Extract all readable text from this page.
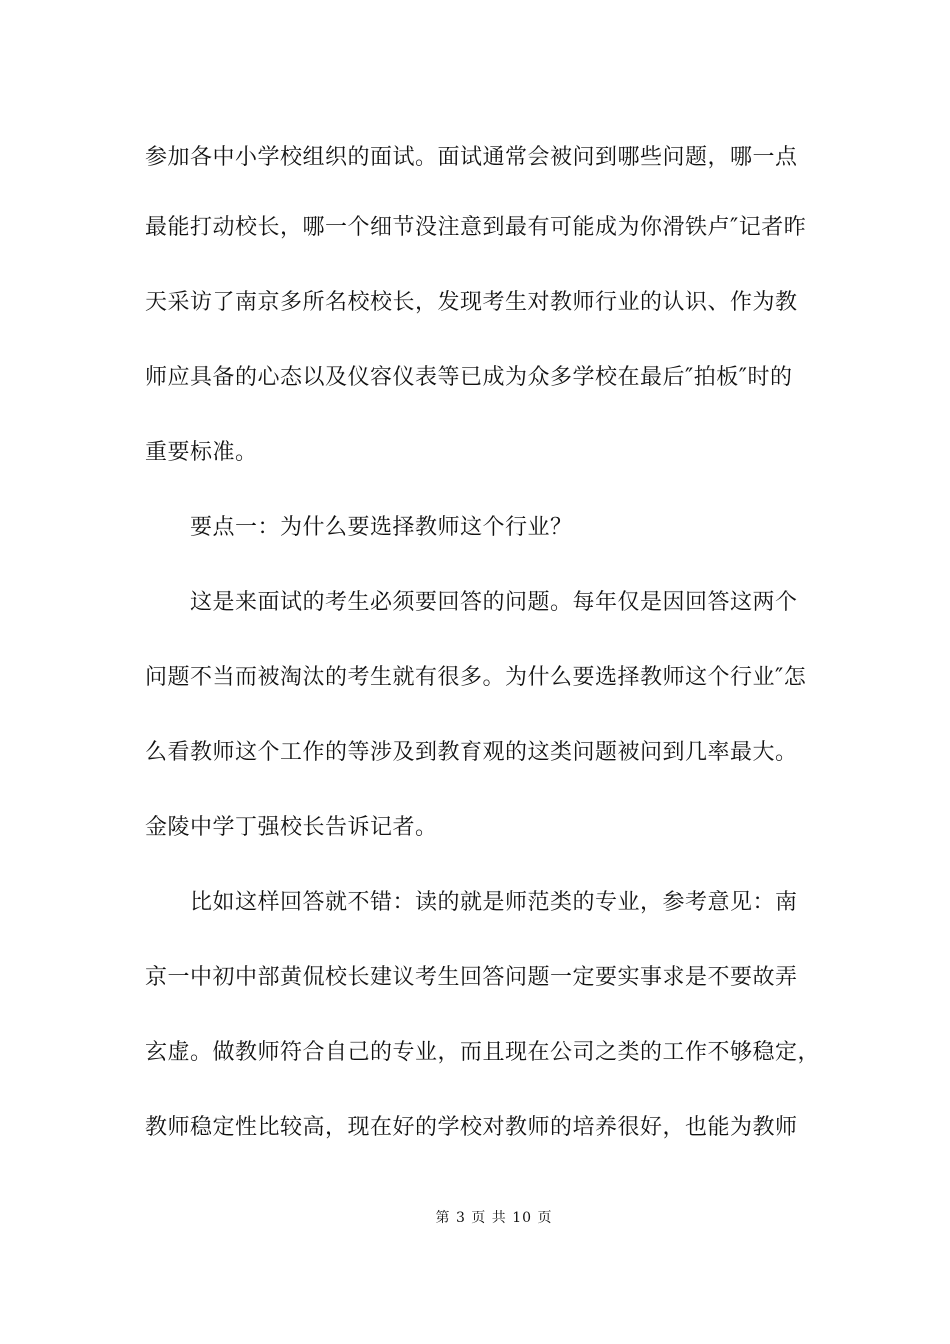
参加各中小学校组织的面试。面试通常会被问到哪些问题，哪一点
最能打动校长，哪一个细节没注意到最有可能成为你滑铁卢″记者昨
天采访了南京多所名校校长，发现考生对教师行业的认识、作为教
师应具备的心态以及仪容仪表等已成为众多学校在最后″拍板″时的
重要标准。
要点一：为什么要选择教师这个行业？
这是来面试的考生必须要回答的问题。每年仅是因回答这两个
问题不当而被淘汰的考生就有很多。为什么要选择教师这个行业″怎
么看教师这个工作的等涉及到教育观的这类问题被问到几率最大。
金陵中学丁强校长告诉记者。
比如这样回答就不错：读的就是师范类的专业，参考意见：南
京一中初中部黄侃校长建议考生回答问题一定要实事求是不要故弄
玄虚。做教师符合自己的专业，而且现在公司之类的工作不够稳定，
教师稳定性比较高，现在好的学校对教师的培养很好，也能为教师
第 3 页 共 10 页
